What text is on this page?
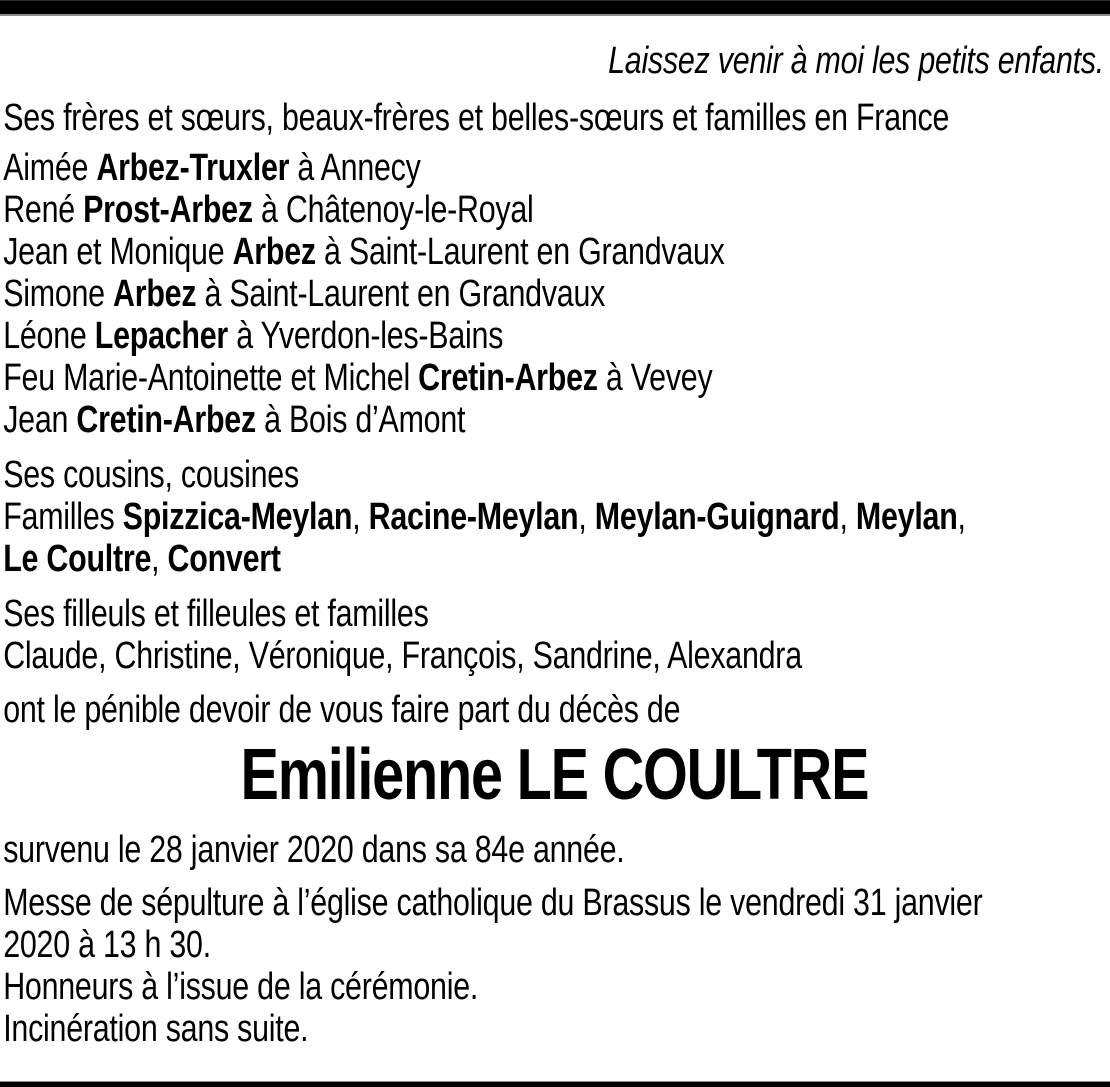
Laissez venir à moi les petits enfants.
Ses frères et sœurs, beaux-frères et belles-sœurs et familles en France
Aimée Arbez-Truxler à Annecy
René Prost-Arbez à Châtenoy-le-Royal
Jean et Monique Arbez à Saint-Laurent en Grandvaux
Simone Arbez à Saint-Laurent en Grandvaux
Léone Lepacher à Yverdon-les-Bains
Feu Marie-Antoinette et Michel Cretin-Arbez à Vevey
Jean Cretin-Arbez à Bois d’Amont
Ses cousins, cousines
Familles Spizzica-Meylan, Racine-Meylan, Meylan-Guignard, Meylan,
Le Coultre, Convert
Ses filleuls et filleules et familles
Claude, Christine, Véronique, François, Sandrine, Alexandra
ont le pénible devoir de vous faire part du décès de
Emilienne LE COULTRE
survenu le 28 janvier 2020 dans sa 84e année.
Messe de sépulture à l’église catholique du Brassus le vendredi 31 janvier
2020 à 13 h 30.
Honneurs à l’issue de la cérémonie.
Incinération sans suite.
